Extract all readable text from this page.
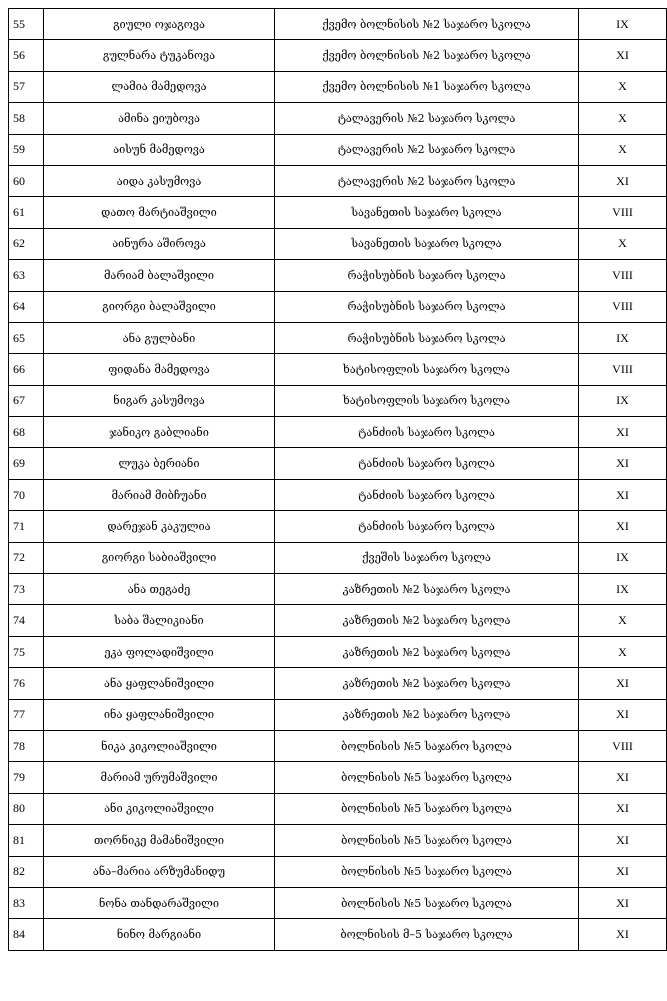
55	გიული ოჯაგოვა	ქვემო ბოლნისის №2 საჯარო სკოლა	IX
56	გულნარა ტუკანოვა	ქვემო ბოლნისის №2 საჯარო სკოლა	XI
57	ლამია მამედოვა	ქვემო ბოლნისის №1 საჯარო სკოლა	X
58	ამინა ეიუბოვა	ტალავერის №2 საჯარო სკოლა	X
59	აისუნ მამედოვა	ტალავერის №2 საჯარო სკოლა	X
60	აიდა კასუმოვა	ტალავერის №2 საჯარო სკოლა	XI
61	დათო მარტიაშვილი	სავანეთის საჯარო სკოლა	VIII
62	აინურა აშიროვა	სავანეთის საჯარო სკოლა	X
63	მარიამ ბალაშვილი	რაჭისუბნის საჯარო სკოლა	VIII
64	გიორგი ბალაშვილი	რაჭისუბნის საჯარო სკოლა	VIII
65	ანა გულბანი	რაჭისუბნის საჯარო სკოლა	IX
66	ფიდანა მამედოვა	ხატისოფლის საჯარო სკოლა	VIII
67	ნიგარ კასუმოვა	ხატისოფლის საჯარო სკოლა	IX
68	ჯანიკო გაბლიანი	ტანძიის საჯარო სკოლა	XI
69	ლუკა ბერიანი	ტანძიის საჯარო სკოლა	XI
70	მარიამ მიბჩუანი	ტანძიის საჯარო სკოლა	XI
71	დარეჯან კაკულია	ტანძიის საჯარო სკოლა	XI
72	გიორგი საბიაშვილი	ქვეშის საჯარო სკოლა	IX
73	ანა თეგაძე	კაზრეთის №2 საჯარო სკოლა	IX
74	საბა შალიკიანი	კაზრეთის №2 საჯარო სკოლა	X
75	ეკა ფოლადიშვილი	კაზრეთის №2 საჯარო სკოლა	X
76	ანა ყაფლანიშვილი	კაზრეთის №2 საჯარო სკოლა	XI
77	ინა ყაფლანიშვილი	კაზრეთის №2 საჯარო სკოლა	XI
78	ნიკა კიკოლიაშვილი	ბოლნისის №5 საჯარო სკოლა	VIII
79	მარიამ ურუმაშვილი	ბოლნისის №5 საჯარო სკოლა	XI
80	ანი კიკოლიაშვილი	ბოლნისის №5 საჯარო სკოლა	XI
81	თორნიკე მამანიშვილი	ბოლნისის №5 საჯარო სკოლა	XI
82	ანა–მარია არზუმანიდუ	ბოლნისის №5 საჯარო სკოლა	XI
83	ნონა თანდარაშვილი	ბოლნისის №5 საჯარო სკოლა	XI
84	ნინო მარგიანი	ბოლნისის მ–5 საჯარო სკოლა	XI
